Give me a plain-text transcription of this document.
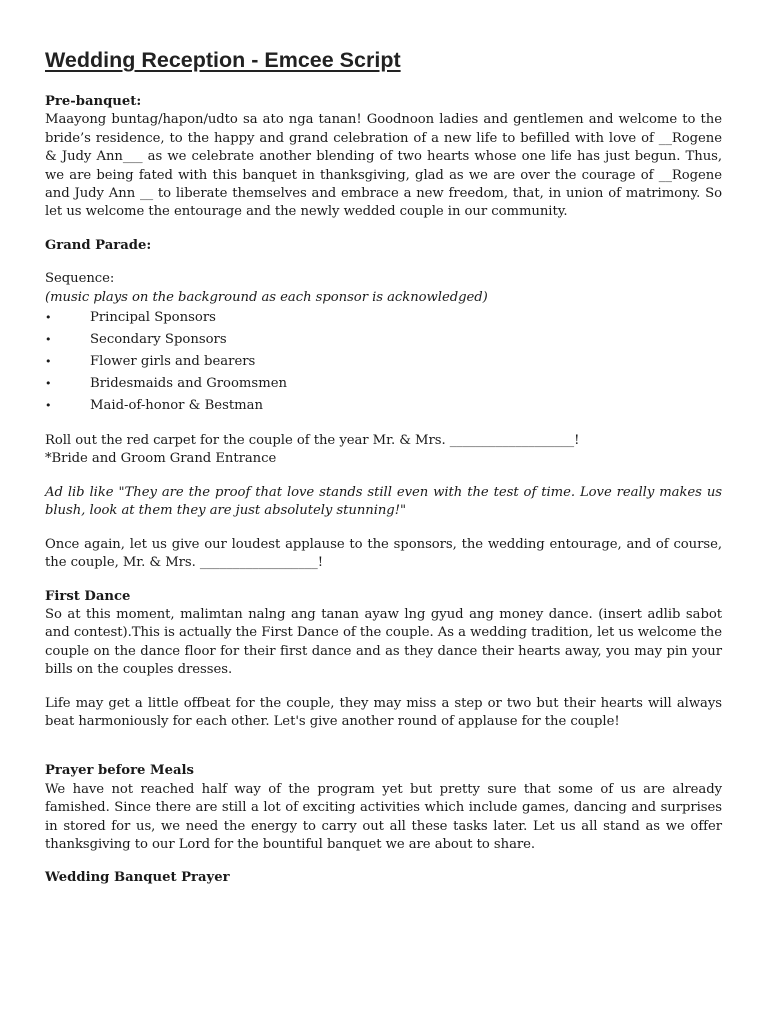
Wedding Reception - Emcee Script

Pre-banquet:

Maayong buntag/hapon/udto sa ato nga tanan! Goodnoon ladies and gentlemen and welcome to the bride’s residence, to the happy and grand celebration of a new life to befilled with love of __Rogene & Judy Ann___ as we celebrate another blending of two hearts whose one life has just begun. Thus, we are being fated with this banquet in thanksgiving, glad as we are over the courage of __Rogene and Judy Ann __ to liberate themselves and embrace a new freedom, that, in union of matrimony. So let us welcome the entourage and the newly wedded couple in our community.

Grand Parade:

Sequence:

(music plays on the background as each sponsor is acknowledged)

•	Principal Sponsors
•	Secondary Sponsors
•	Flower girls and bearers
•	Bridesmaids and Groomsmen
•	Maid-of-honor & Bestman

Roll out the red carpet for the couple of the year Mr. & Mrs. ___________________!

*Bride and Groom Grand Entrance

Ad lib like "They are the proof that love stands still even with the test of time. Love really makes us blush, look at them they are just absolutely stunning!"

Once again, let us give our loudest applause to the sponsors, the wedding entourage, and of course, the couple, Mr. & Mrs. __________________!

First Dance

So at this moment, malimtan nalng ang tanan ayaw lng gyud ang money dance. (insert adlib sabot and contest).This is actually the First Dance of the couple. As a wedding tradition, let us welcome the couple on the dance floor for their first dance and as they dance their hearts away, you may pin your bills on the couples dresses.

Life may get a little offbeat for the couple, they may miss a step or two but their hearts will always beat harmoniously for each other. Let's give another round of applause for the couple!

Prayer before Meals

We have not reached half way of the program yet but pretty sure that some of us are already famished. Since there are still a lot of exciting activities which include games, dancing and surprises in stored for us, we need the energy to carry out all these tasks later. Let us all stand as we offer thanksgiving to our Lord for the bountiful banquet we are about to share.

Wedding Banquet Prayer
